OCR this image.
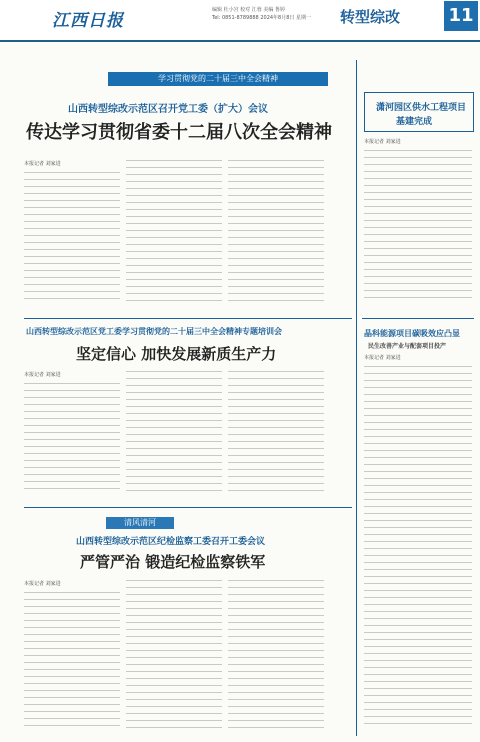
江西日报
编辑 杜小宫 校对 江蓉 美编 鲁婷
Tel: 0851-8789888 2024年8月8日 星期一 转型综改	11
学习贯彻党的二十届三中全会精神
山西转型综改示范区召开党工委（扩大）会议
传达学习贯彻省委十二届八次全会精神
本报记者 刘家进
山西转型综改示范区党工委学习贯彻党的二十届三中全会精神专题培训会
坚定信心 加快发展新质生产力
本报记者 刘家进
清风清河
山西转型综改示范区纪检监察工委召开工委会议
严管严治 锻造纪检监察铁军
本报记者 刘家进
潇河园区供水工程项目
基建完成
本报记者 刘家进
晶科能源项目碳吸效应凸显
民生改善产业与配套项目投产
本报记者 刘家进
